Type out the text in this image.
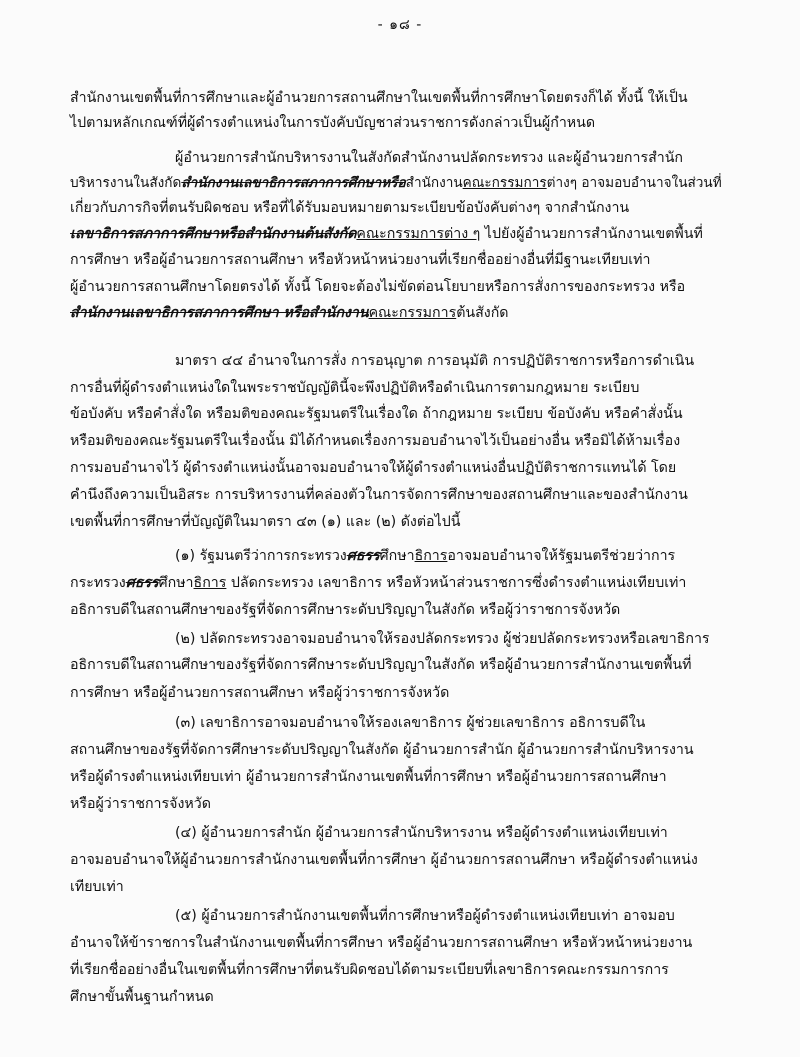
- ๑๘ -
สำนักงานเขตพื้นที่การศึกษาและผู้อำนวยการสถานศึกษาในเขตพื้นที่การศึกษาโดยตรงก็ได้ ทั้งนี้ ให้เป็น
ไปตามหลักเกณฑ์ที่ผู้ดำรงตำแหน่งในการบังคับบัญชาส่วนราชการดังกล่าวเป็นผู้กำหนด
ผู้อำนวยการสำนักบริหารงานในสังกัดสำนักงานปลัดกระทรวง และผู้อำนวยการสำนัก
บริหารงานในสังกัดสำนักงานเลขาธิการสภาการศึกษาหรือสำนักงานคณะกรรมการต่างๆ อาจมอบอำนาจในส่วนที่
เกี่ยวกับภารกิจที่ตนรับผิดชอบ หรือที่ได้รับมอบหมายตามระเบียบข้อบังคับต่างๆ จากสำนักงาน
เลขาธิการสภาการศึกษาหรือสำนักงานต้นสังกัดคณะกรรมการต่าง ๆ ไปยังผู้อำนวยการสำนักงานเขตพื้นที่
การศึกษา หรือผู้อำนวยการสถานศึกษา หรือหัวหน้าหน่วยงานที่เรียกชื่ออย่างอื่นที่มีฐานะเทียบเท่า
ผู้อำนวยการสถานศึกษาโดยตรงได้ ทั้งนี้ โดยจะต้องไม่ขัดต่อนโยบายหรือการสั่งการของกระทรวง หรือ
สำนักงานเลขาธิการสภาการศึกษา หรือสำนักงานคณะกรรมการต้นสังกัด
มาตรา ๔๔ อำนาจในการสั่ง การอนุญาต การอนุมัติ การปฏิบัติราชการหรือการดำเนิน
การอื่นที่ผู้ดำรงตำแหน่งใดในพระราชบัญญัตินี้จะพึงปฏิบัติหรือดำเนินการตามกฎหมาย ระเบียบ
ข้อบังคับ หรือคำสั่งใด หรือมติของคณะรัฐมนตรีในเรื่องใด ถ้ากฎหมาย ระเบียบ ข้อบังคับ หรือคำสั่งนั้น
หรือมติของคณะรัฐมนตรีในเรื่องนั้น มิได้กำหนดเรื่องการมอบอำนาจไว้เป็นอย่างอื่น หรือมิได้ห้ามเรื่อง
การมอบอำนาจไว้ ผู้ดำรงตำแหน่งนั้นอาจมอบอำนาจให้ผู้ดำรงตำแหน่งอื่นปฏิบัติราชการแทนได้ โดย
คำนึงถึงความเป็นอิสระ การบริหารงานที่คล่องตัวในการจัดการศึกษาของสถานศึกษาและของสำนักงาน
เขตพื้นที่การศึกษาที่บัญญัติในมาตรา ๔๓ (๑) และ (๒) ดังต่อไปนี้
(๑) รัฐมนตรีว่าการกระทรวงศธรรศึกษาธิการอาจมอบอำนาจให้รัฐมนตรีช่วยว่าการ
กระทรวงศธรรศึกษาธิการ ปลัดกระทรวง เลขาธิการ หรือหัวหน้าส่วนราชการซึ่งดำรงตำแหน่งเทียบเท่า
อธิการบดีในสถานศึกษาของรัฐที่จัดการศึกษาระดับปริญญาในสังกัด หรือผู้ว่าราชการจังหวัด
(๒) ปลัดกระทรวงอาจมอบอำนาจให้รองปลัดกระทรวง ผู้ช่วยปลัดกระทรวงหรือเลขาธิการ
อธิการบดีในสถานศึกษาของรัฐที่จัดการศึกษาระดับปริญญาในสังกัด หรือผู้อำนวยการสำนักงานเขตพื้นที่
การศึกษา หรือผู้อำนวยการสถานศึกษา หรือผู้ว่าราชการจังหวัด
(๓) เลขาธิการอาจมอบอำนาจให้รองเลขาธิการ ผู้ช่วยเลขาธิการ อธิการบดีใน
สถานศึกษาของรัฐที่จัดการศึกษาระดับปริญญาในสังกัด ผู้อำนวยการสำนัก ผู้อำนวยการสำนักบริหารงาน
หรือผู้ดำรงตำแหน่งเทียบเท่า ผู้อำนวยการสำนักงานเขตพื้นที่การศึกษา หรือผู้อำนวยการสถานศึกษา
หรือผู้ว่าราชการจังหวัด
(๔) ผู้อำนวยการสำนัก ผู้อำนวยการสำนักบริหารงาน หรือผู้ดำรงตำแหน่งเทียบเท่า
อาจมอบอำนาจให้ผู้อำนวยการสำนักงานเขตพื้นที่การศึกษา ผู้อำนวยการสถานศึกษา หรือผู้ดำรงตำแหน่ง
เทียบเท่า
(๕) ผู้อำนวยการสำนักงานเขตพื้นที่การศึกษาหรือผู้ดำรงตำแหน่งเทียบเท่า อาจมอบ
อำนาจให้ข้าราชการในสำนักงานเขตพื้นที่การศึกษา หรือผู้อำนวยการสถานศึกษา หรือหัวหน้าหน่วยงาน
ที่เรียกชื่ออย่างอื่นในเขตพื้นที่การศึกษาที่ตนรับผิดชอบได้ตามระเบียบที่เลขาธิการคณะกรรมการการ
ศึกษาขั้นพื้นฐานกำหนด
